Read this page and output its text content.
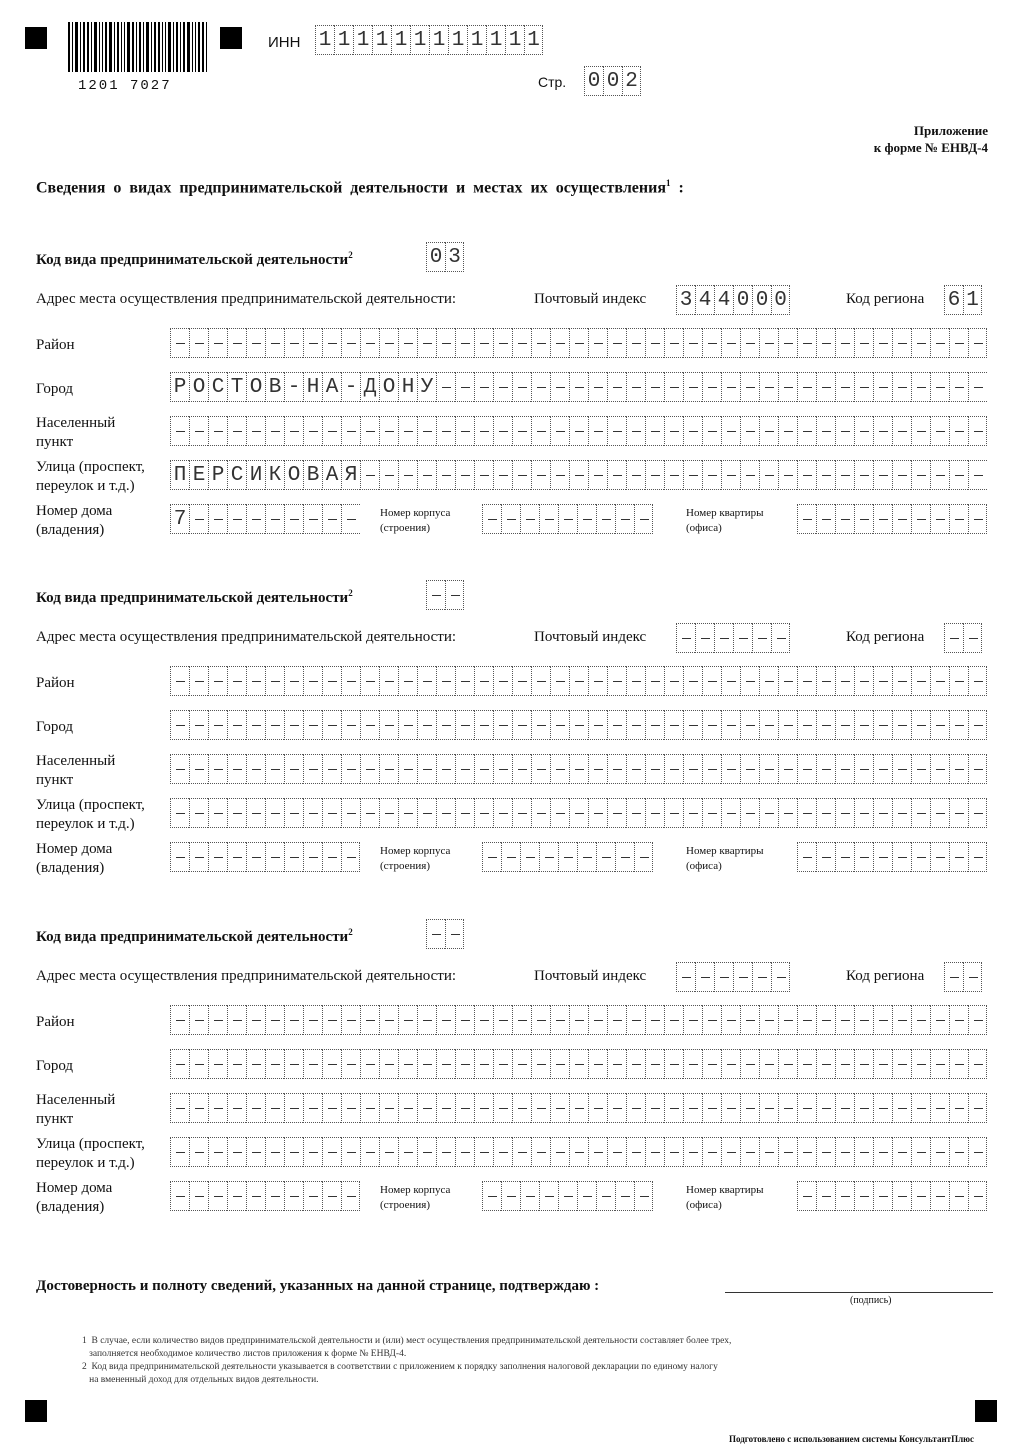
1201 7027
ИНН 1 1 1 1 1 1 1 1 1 1 1 1
Стр. 0 0 2
Приложение
к форме № ЕНВД-4
Сведения о видах предпринимательской деятельности и местах их осуществления$^1$ :
Код вида предпринимательской деятельности$^2$	0 3
Адрес места осуществления предпринимательской деятельности:	Почтовый индекс 3 4 4 0 0 0	Код региона 6 1
Район
Город	Р О С Т О В - Н А - Д О Н У
Населенный
пункт
Улица (проспект,
переулок и т.д.)	П Е Р С И К О В А Я
Номер дома
(владения)	7	Номер корпуса
(строения)
Номер квартиры
(офиса)
Код вида предпринимательской деятельности$^2$
Адрес места осуществления предпринимательской деятельности:	Почтовый индекс	Код региона
Район
Город
Населенный
пункт
Улица (проспект,
переулок и т.д.)
Номер дома
(владения)
Номер корпуса
(строения)
Номер квартиры
(офиса)
Код вида предпринимательской деятельности$^2$
Адрес места осуществления предпринимательской деятельности:	Почтовый индекс	Код региона
Район
Город
Населенный
пункт
Улица (проспект,
переулок и т.д.)
Номер дома
(владения)
Номер корпуса
(строения)
Номер квартиры
(офиса)
Достоверность и полноту сведений, указанных на данной странице, подтверждаю :
(подпись)
1 В случае, если количество видов предпринимательской деятельности и (или) мест осуществления предпринимательской деятельности составляет более трех,
заполняется необходимое количество листов приложения к форме № ЕНВД-4.
2 Код вида предпринимательской деятельности указывается в соответствии с приложением к порядку заполнения налоговой декларации по единому налогу
на вмененный доход для отдельных видов деятельности.
Подготовлено с использованием системы КонсультантПлюс
